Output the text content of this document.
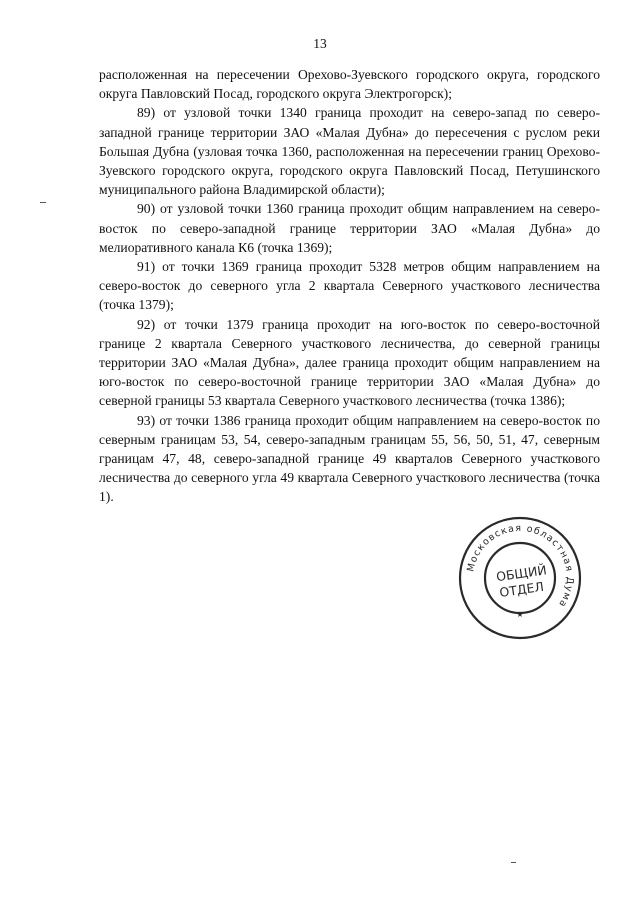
13

расположенная на пересечении Орехово-Зуевского городского округа, городского округа Павловский Посад, городского округа Электрогорск);

89) от узловой точки 1340 граница проходит на северо-запад по северо-западной границе территории ЗАО «Малая Дубна» до пересечения с руслом реки Большая Дубна (узловая точка 1360, расположенная на пересечении границ Орехово-Зуевского городского округа, городского округа Павловский Посад, Петушинского муниципального района Владимирской области);

90) от узловой точки 1360 граница проходит общим направлением на северо-восток по северо-западной границе территории ЗАО «Малая Дубна» до мелиоративного канала К6 (точка 1369);

91) от точки 1369 граница проходит 5328 метров общим направлением на северо-восток до северного угла 2 квартала Северного участкового лесничества (точка 1379);

92) от точки 1379 граница проходит на юго-восток по северо-восточной границе 2 квартала Северного участкового лесничества, до северной границы территории ЗАО «Малая Дубна», далее граница проходит общим направлением на юго-восток по северо-восточной границе территории ЗАО «Малая Дубна» до северной границы 53 квартала Северного участкового лесничества (точка 1386);

93) от точки 1386 граница проходит общим направлением на северо-восток по северным границам 53, 54, северо-западным границам 55, 56, 50, 51, 47, северным границам 47, 48, северо-западной границе 49 кварталов Северного участкового лесничества до северного угла 49 квартала Северного участкового лесничества (точка 1).

Московская областная Дума
★
ОБЩИЙ
ОТДЕЛ
